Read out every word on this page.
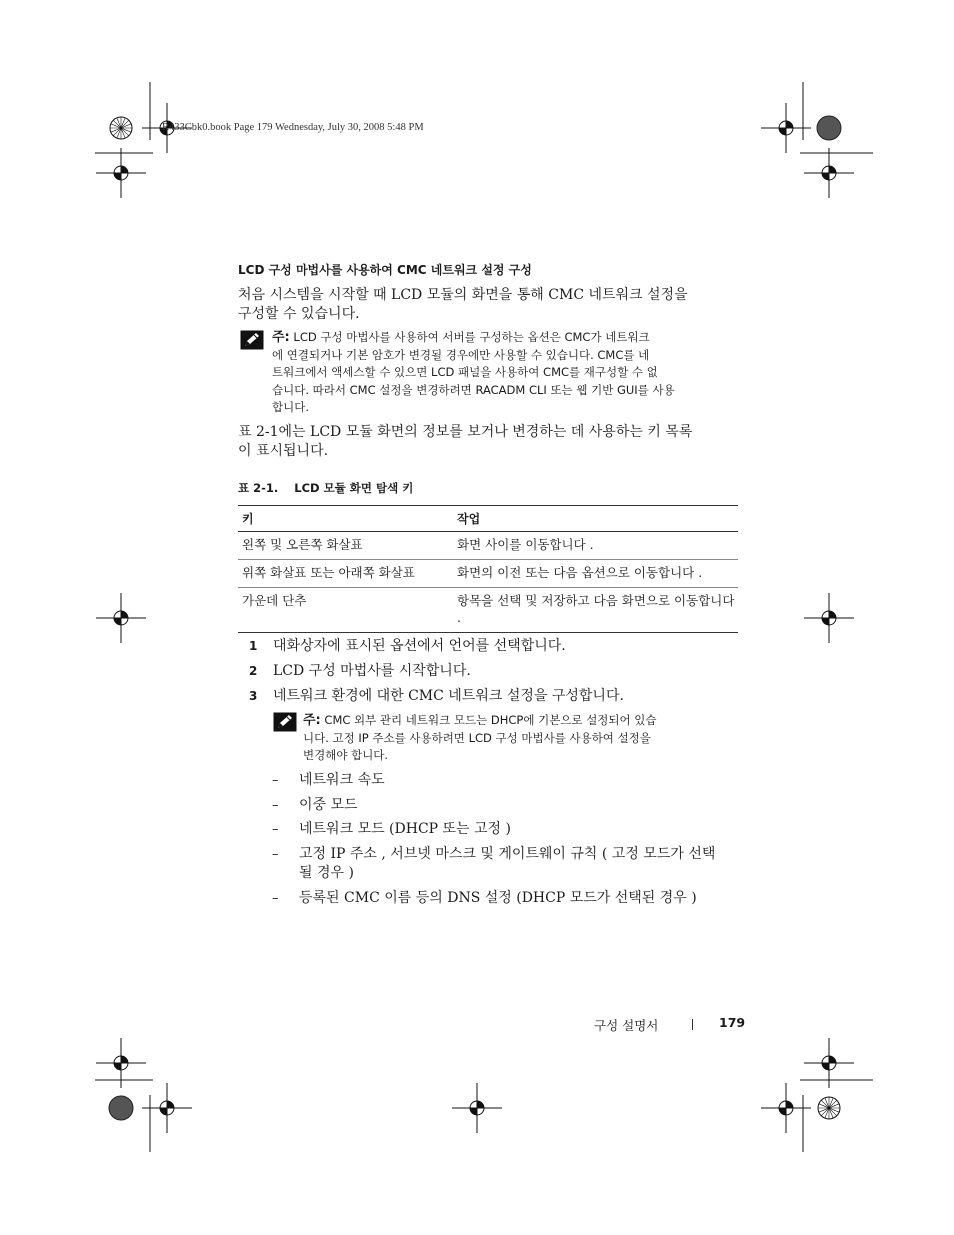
R433Cbk0.book Page 179 Wednesday, July 30, 2008 5:48 PM
LCD 구성 마법사를 사용하여 CMC 네트워크 설정 구성
처음 시스템을 시작할 때 LCD 모듈의 화면을 통해 CMC 네트워크 설정을
구성할 수 있습니다.
주: LCD 구성 마법사를 사용하여 서버를 구성하는 옵션은 CMC가 네트워크
에 연결되거나 기본 암호가 변경될 경우에만 사용할 수 있습니다. CMC를 네
트워크에서 액세스할 수 있으면 LCD 패널을 사용하여 CMC를 재구성할 수 없
습니다. 따라서 CMC 설정을 변경하려면 RACADM CLI 또는 웹 기반 GUI를 사용
합니다.
표 2-1에는 LCD 모듈 화면의 정보를 보거나 변경하는 데 사용하는 키 목록
이 표시됩니다.
표 2-1.    LCD 모듈 화면 탐색 키
키	작업
왼쪽 및 오른쪽 화살표	화면 사이를 이동합니다 .
위쪽 화살표 또는 아래쪽 화살표	화면의 이전 또는 다음 옵션으로 이동합니다 .
가운데 단추	항목을 선택 및 저장하고 다음 화면으로 이동합니다 .
1 대화상자에 표시된 옵션에서 언어를 선택합니다.
2 LCD 구성 마법사를 시작합니다.
3 네트워크 환경에 대한 CMC 네트워크 설정을 구성합니다.
주: CMC 외부 관리 네트워크 모드는 DHCP에 기본으로 설정되어 있습
니다. 고정 IP 주소를 사용하려면 LCD 구성 마법사를 사용하여 설정을
변경해야 합니다.
– 네트워크 속도
– 이중 모드
– 네트워크 모드 (DHCP 또는 고정 )
– 고정 IP 주소 , 서브넷 마스크 및 게이트웨이 규칙 ( 고정 모드가 선택
될 경우 )
– 등록된 CMC 이름 등의 DNS 설정 (DHCP 모드가 선택된 경우 )
구성 설명서	179
